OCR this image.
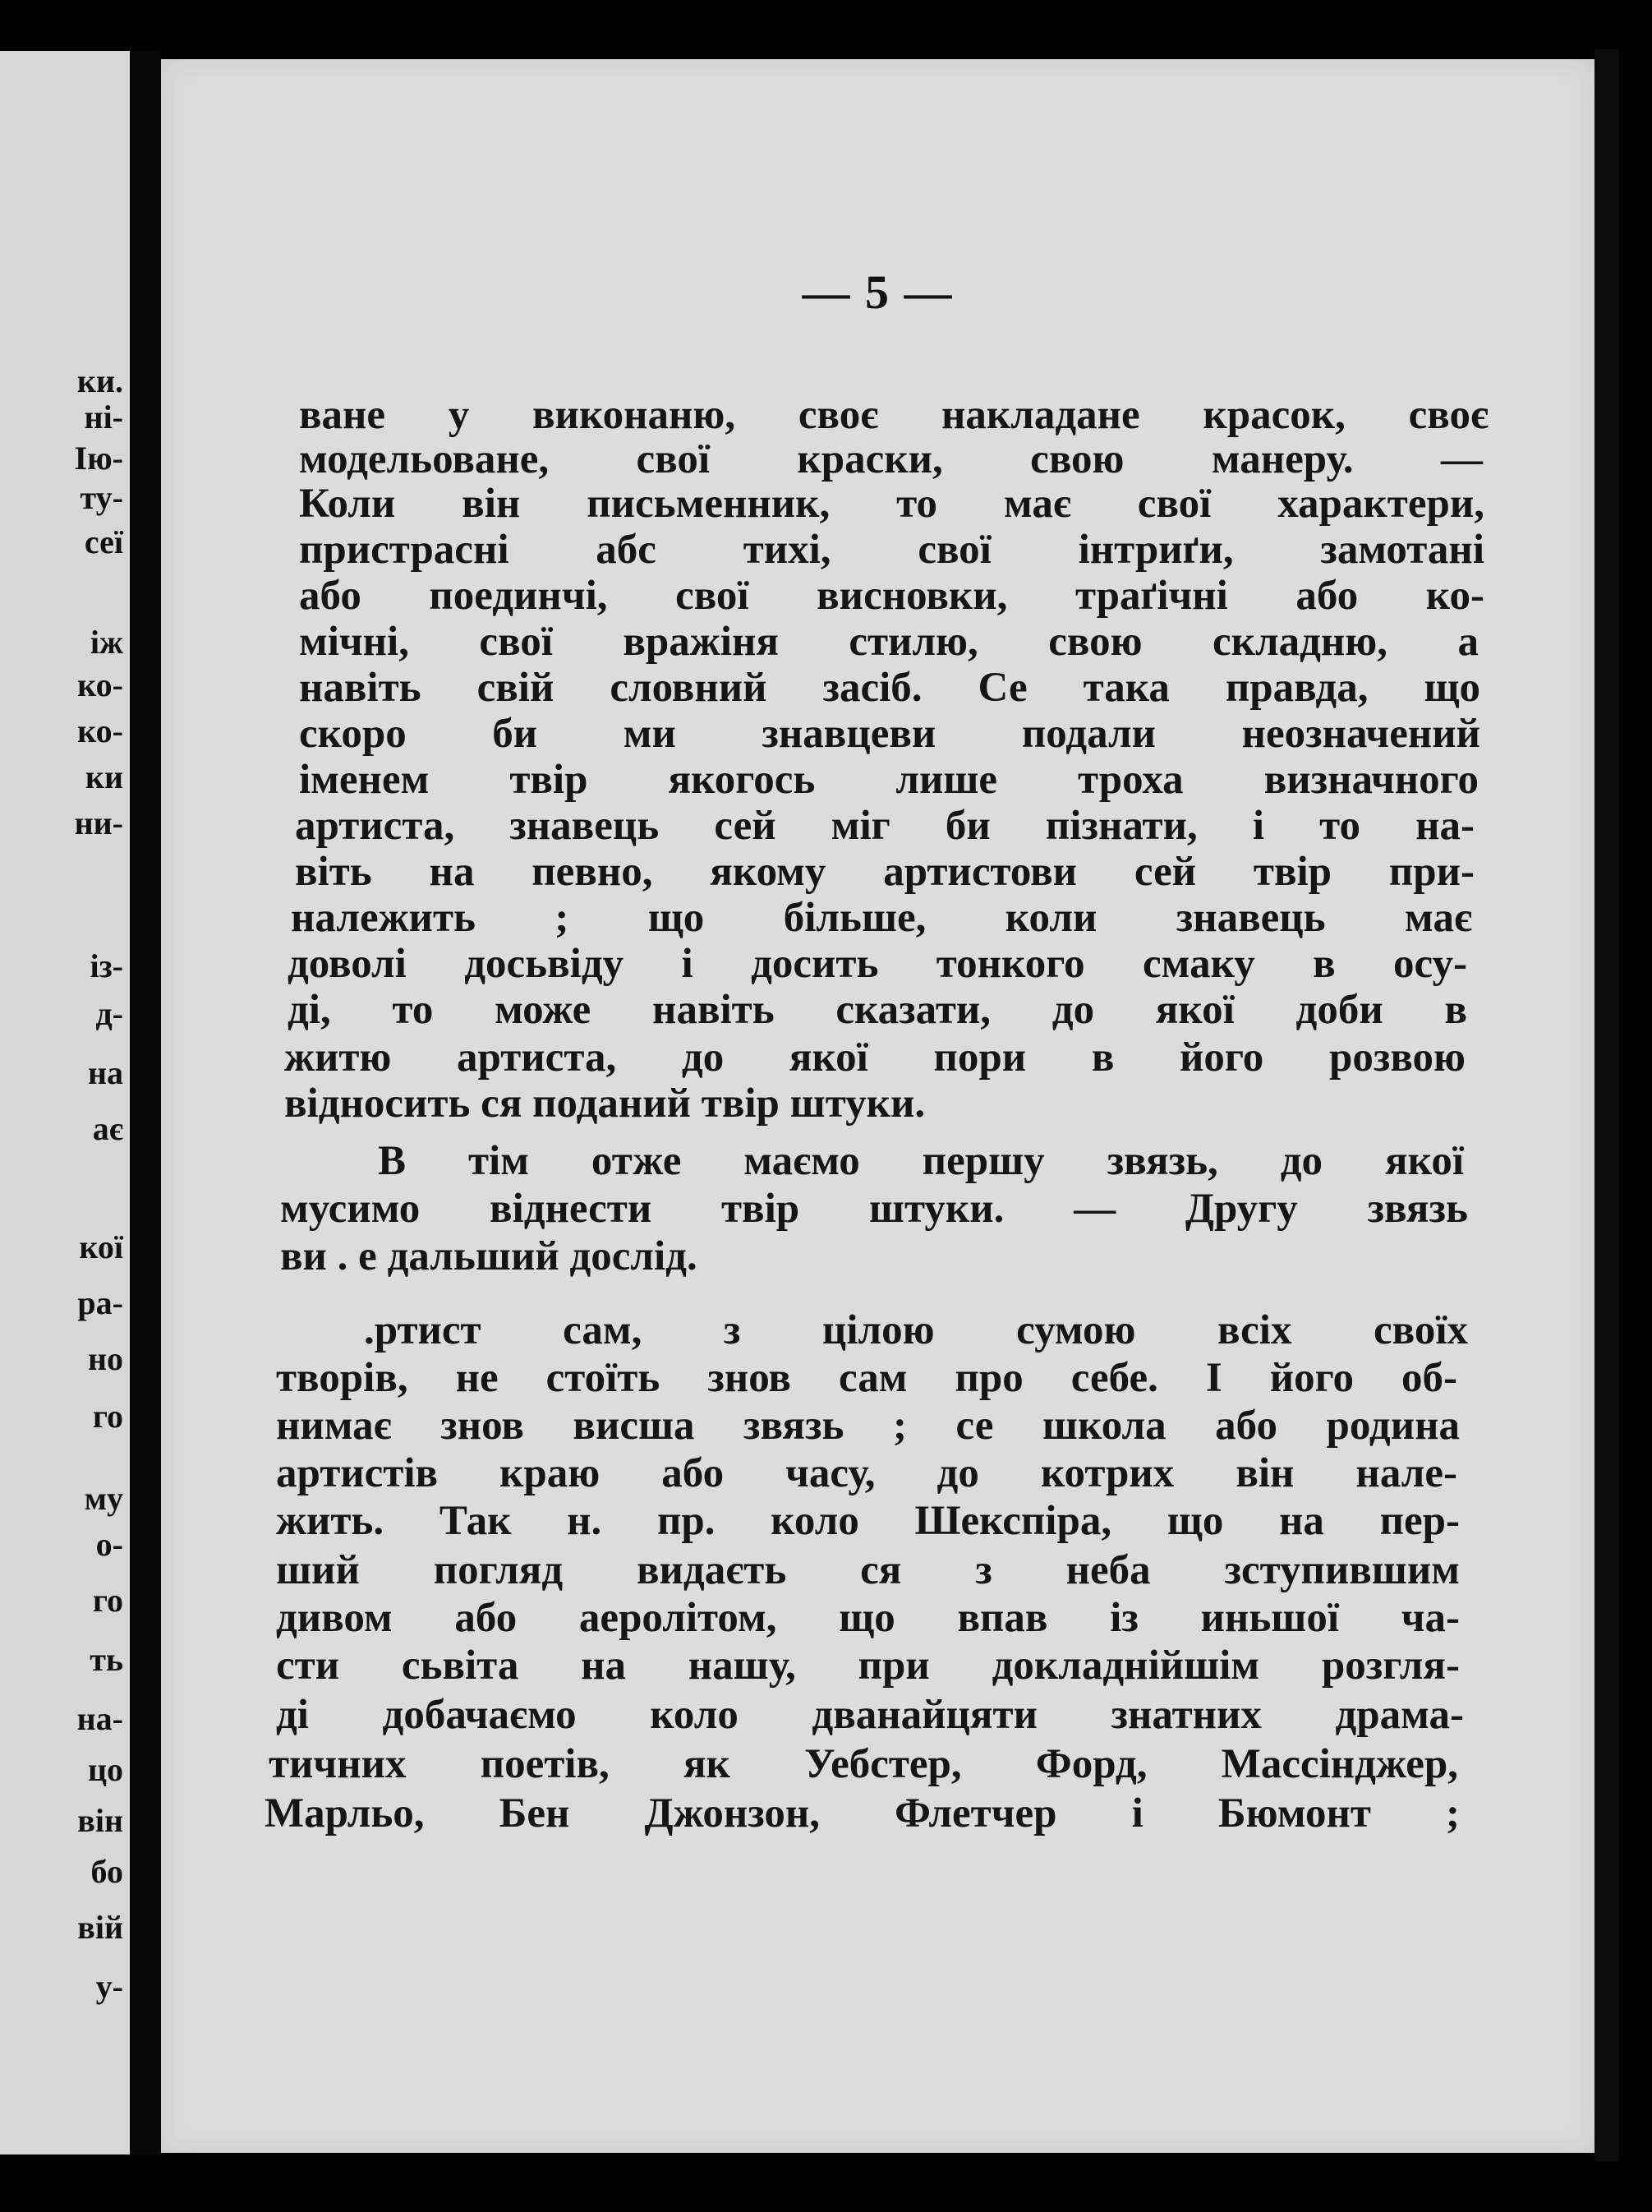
ки.
ні-
Ію-
ту-
сеї
іж
ко-
ко-
ки
ни-
із-
д-
на
ає
кої
ра-
но
го
му
о-
го
ть
на-
цо
він
бо
вій
у-
— 5 —
ване у виконаню, своє накладане красок, своє
модельоване, свої краски, свою манеру. —
Коли він письменник, то має свої характери,
пристрасні абс тихі, свої інтриґи, замотані
або поединчі, свої висновки, траґічні або ко-
мічні, свої вражіня стилю, свою складню, а
навіть свій словний засіб. Се така правда, що
скоро би ми знавцеви подали неозначений
іменем твір якогось лише троха визначного
артиста, знавець сей міг би пізнати, і то на-
віть на певно, якому артистови сей твір при-
належить ; що більше, коли знавець має
доволі досьвіду і досить тонкого смаку в осу-
ді, то може навіть сказати, до якої доби в
житю артиста, до якої пори в його розвою
відносить ся поданий твір штуки.
В тім отже маємо першу звязь, до якої
мусимо віднести твір штуки. — Другу звязь
ви . е дальший дослід.
.ртист сам, з цілою сумою всіх своїх
творів, не стоїть знов сам про себе. І його об-
нимає знов висша звязь ; се школа або родина
артистів краю або часу, до котрих він нале-
жить. Так н. пр. коло Шекспіра, що на пер-
ший погляд видаєть ся з неба зступившим
дивом або аеролітом, що впав із иньшої ча-
сти сьвіта на нашу, при докладнійшім розгля-
ді добачаємо коло дванайцяти знатних драма-
тичних поетів, як Уебстер, Форд, Массінджер,
Марльо, Бен Джонзон, Флетчер і Бюмонт ;
